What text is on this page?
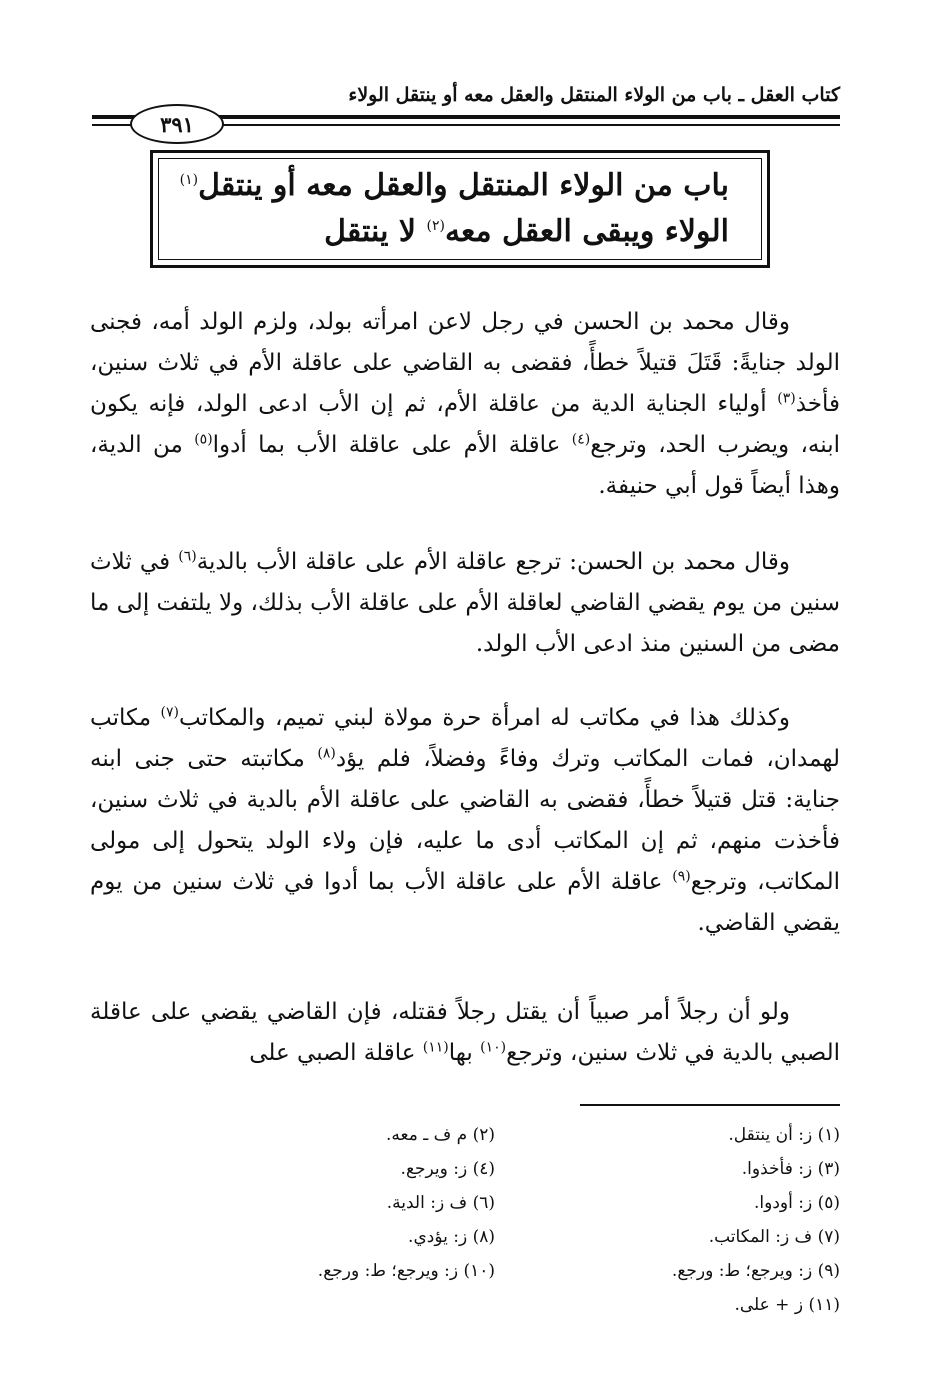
كتاب العقل ـ باب من الولاء المنتقل والعقل معه أو ينتقل الولاء
٣٩١
باب من الولاء المنتقل والعقل معه أو ينتقل$^{(١)}$
الولاء ويبقى العقل معه$^{(٢)}$ لا ينتقل

وقال محمد بن الحسن في رجل لاعن امرأته بولد، ولزم الولد أمه، فجنى الولد جنايةً: قَتَلَ قتيلاً خطأً، فقضى به القاضي على عاقلة الأم في ثلاث سنين، فأخذ$^{(٣)}$ أولياء الجناية الدية من عاقلة الأم، ثم إن الأب ادعى الولد، فإنه يكون ابنه، ويضرب الحد، وترجع$^{(٤)}$ عاقلة الأم على عاقلة الأب بما أدوا$^{(٥)}$ من الدية، وهذا أيضاً قول أبي حنيفة.

وقال محمد بن الحسن: ترجع عاقلة الأم على عاقلة الأب بالدية$^{(٦)}$ في ثلاث سنين من يوم يقضي القاضي لعاقلة الأم على عاقلة الأب بذلك، ولا يلتفت إلى ما مضى من السنين منذ ادعى الأب الولد.

وكذلك هذا في مكاتب له امرأة حرة مولاة لبني تميم، والمكاتب$^{(٧)}$ مكاتب لهمدان، فمات المكاتب وترك وفاءً وفضلاً، فلم يؤد$^{(٨)}$ مكاتبته حتى جنى ابنه جناية: قتل قتيلاً خطأً، فقضى به القاضي على عاقلة الأم بالدية في ثلاث سنين، فأخذت منهم، ثم إن المكاتب أدى ما عليه، فإن ولاء الولد يتحول إلى مولى المكاتب، وترجع$^{(٩)}$ عاقلة الأم على عاقلة الأب بما أدوا في ثلاث سنين من يوم يقضي القاضي.

ولو أن رجلاً أمر صبياً أن يقتل رجلاً فقتله، فإن القاضي يقضي على عاقلة الصبي بالدية في ثلاث سنين، وترجع$^{(١٠)}$ بها$^{(١١)}$ عاقلة الصبي على

(١) ز: أن ينتقل.
(٢) م ف ـ معه.
(٣) ز: فأخذوا.
(٤) ز: ويرجع.
(٥) ز: أودوا.
(٦) ف ز: الدية.
(٧) ف ز: المكاتب.
(٨) ز: يؤدي.
(٩) ز: ويرجع؛ ط: ورجع.
(١٠) ز: ويرجع؛ ط: ورجع.
(١١) ز + على.
